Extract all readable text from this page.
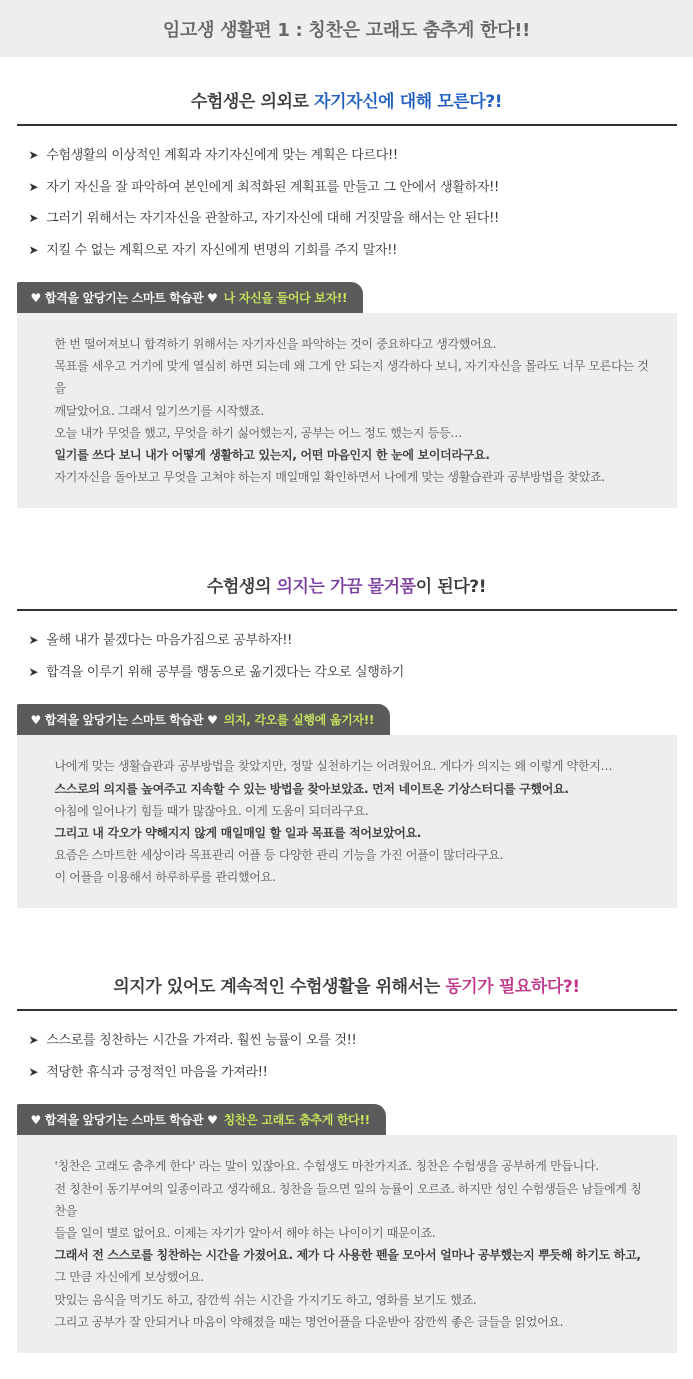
임고생 생활편 1 : 칭찬은 고래도 춤추게 한다!!
수험생은 의외로 자기자신에 대해 모른다?!
➤ 수험생활의 이상적인 계획과 자기자신에게 맞는 계획은 다르다!!
➤ 자기 자신을 잘 파악하여 본인에게 최적화된 계획표를 만들고 그 안에서 생활하자!!
➤ 그러기 위해서는 자기자신을 관찰하고, 자기자신에 대해 거짓말을 해서는 안 된다!!
➤ 지킬 수 없는 계획으로 자기 자신에게 변명의 기회를 주지 말자!!
♥ 합격을 앞당기는 스마트 학습관 ♥ 나 자신을 들어다 보자!!
한 번 떨어져보니 합격하기 위해서는 자기자신을 파악하는 것이 중요하다고 생각했어요.
목표를 세우고 거기에 맞게 열심히 하면 되는데 왜 그게 안 되는지 생각하다 보니, 자기자신을 몰라도 너무 모른다는 것을
깨달았어요. 그래서 일기쓰기를 시작했죠.
오늘 내가 무엇을 했고, 무엇을 하기 싫어했는지, 공부는 어느 정도 했는지 등등…
일기를 쓰다 보니 내가 어떻게 생활하고 있는지, 어떤 마음인지 한 눈에 보이더라구요.
자기자신을 돌아보고 무엇을 고쳐야 하는지 매일매일 확인하면서 나에게 맞는 생활습관과 공부방법을 찾았죠.
수험생의 의지는 가끔 물거품이 된다?!
➤ 올해 내가 붙겠다는 마음가짐으로 공부하자!!
➤ 합격을 이루기 위해 공부를 행동으로 옮기겠다는 각오로 실행하기
♥ 합격을 앞당기는 스마트 학습관 ♥ 의지, 각오를 실행에 옮기자!!
나에게 맞는 생활습관과 공부방법을 찾았지만, 정말 실천하기는 어려웠어요. 게다가 의지는 왜 이렇게 약한지…
스스로의 의지를 높여주고 지속할 수 있는 방법을 찾아보았죠. 먼저 네이트온 기상스터디를 구했어요.
아침에 일어나기 힘들 때가 많잖아요. 이게 도움이 되더라구요.
그리고 내 각오가 약해지지 않게 매일매일 할 일과 목표를 적어보았어요.
요즘은 스마트한 세상이라 목표관리 어플 등 다양한 관리 기능을 가진 어플이 많더라구요.
이 어플을 이용해서 하루하루를 관리했어요.
의지가 있어도 계속적인 수험생활을 위해서는 동기가 필요하다?!
➤ 스스로를 칭찬하는 시간을 가져라. 훨씬 능률이 오를 것!!
➤ 적당한 휴식과 긍정적인 마음을 가져라!!
♥ 합격을 앞당기는 스마트 학습관 ♥ 칭찬은 고래도 춤추게 한다!!
'칭찬은 고래도 춤추게 한다' 라는 말이 있잖아요. 수험생도 마찬가지죠. 칭찬은 수험생을 공부하게 만듭니다.
전 칭찬이 동기부여의 일종이라고 생각해요. 칭찬을 들으면 일의 능률이 오르죠. 하지만 성인 수험생들은 남들에게 칭찬을
들을 일이 별로 없어요. 이제는 자기가 알아서 해야 하는 나이이기 때문이죠.
그래서 전 스스로를 칭찬하는 시간을 가졌어요. 제가 다 사용한 펜을 모아서 얼마나 공부했는지 뿌듯해 하기도 하고,
그 만큼 자신에게 보상했어요.
맛있는 음식을 먹기도 하고, 잠깐씩 쉬는 시간을 가지기도 하고, 영화를 보기도 했죠.
그리고 공부가 잘 안되거나 마음이 약해졌을 때는 명언어플을 다운받아 잠깐씩 좋은 글들을 읽었어요.
